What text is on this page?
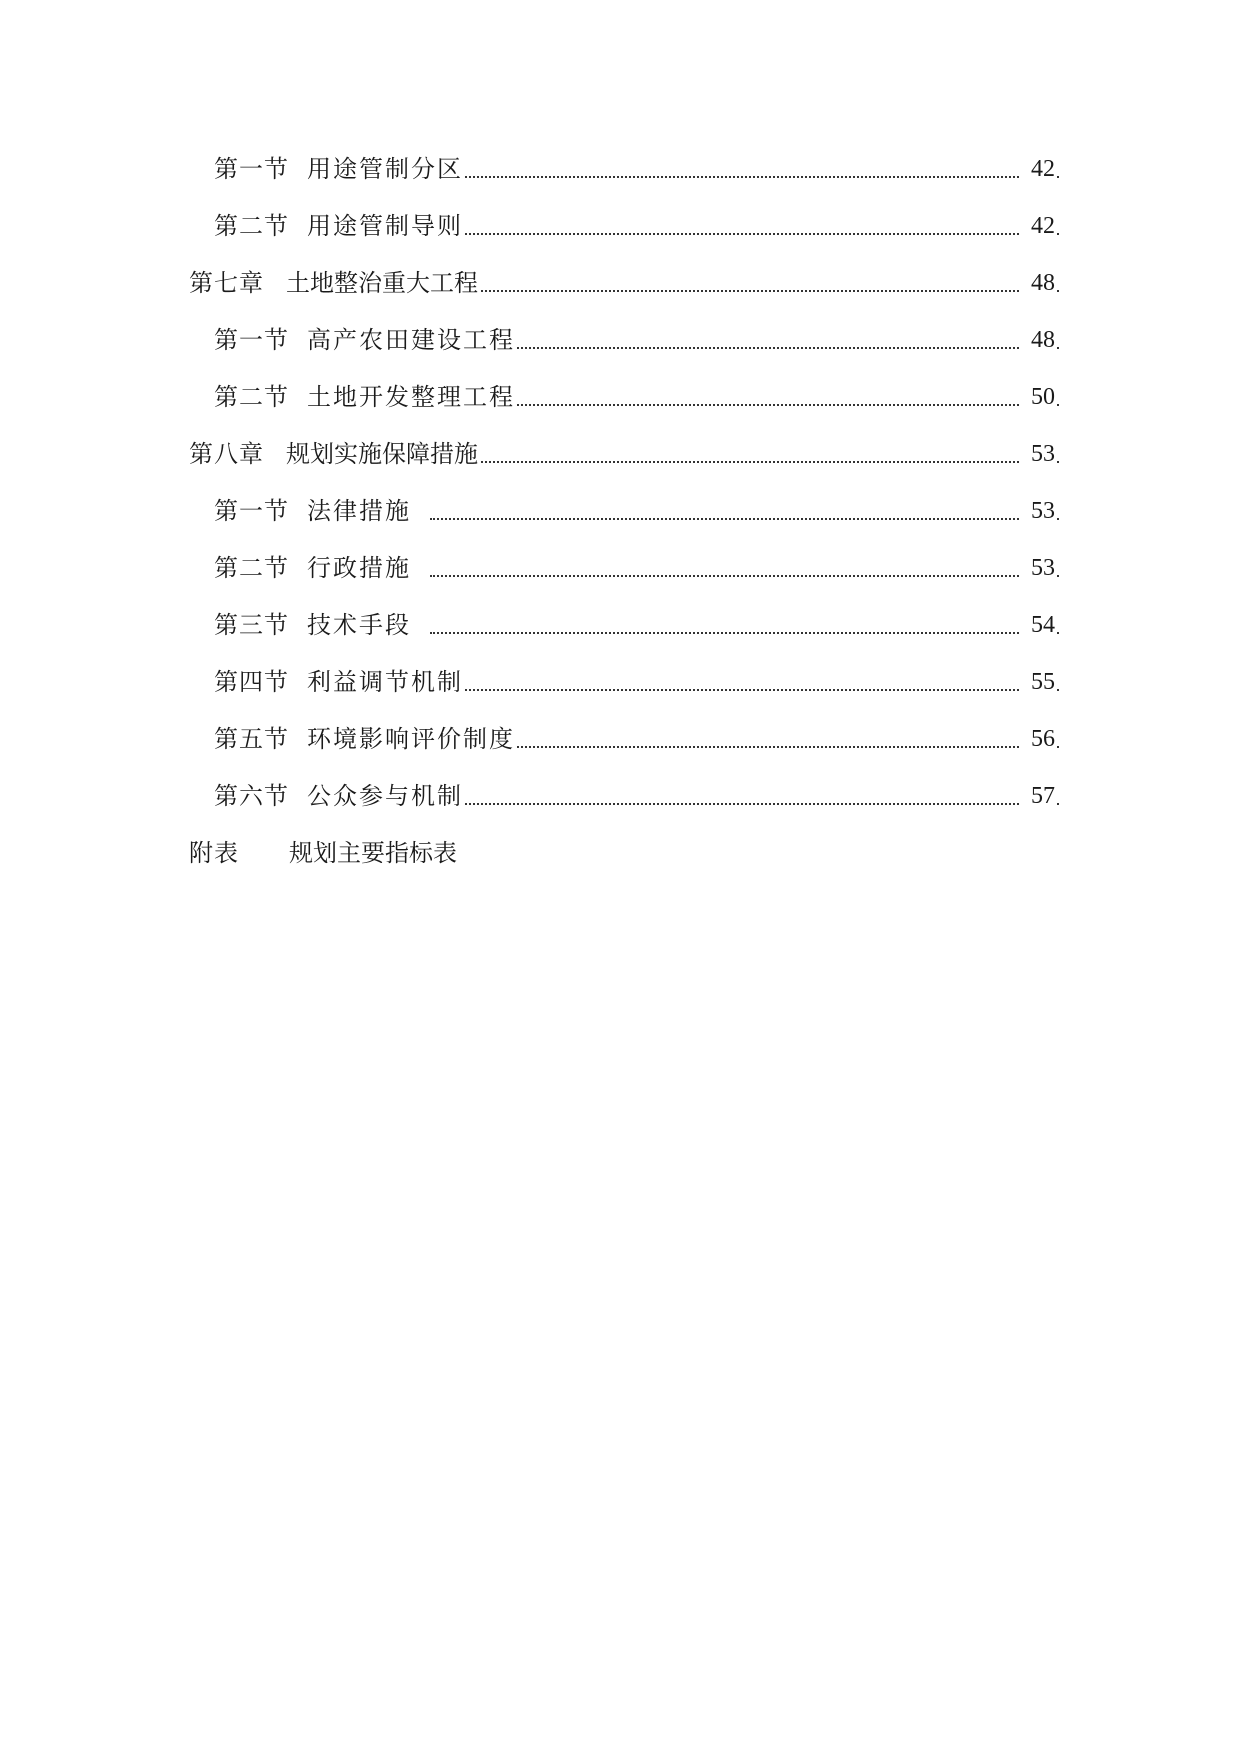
第一节 用途管制分区	42
第二节 用途管制导则	42
第七章 土地整治重大工程	48
第一节 高产农田建设工程	48
第二节 土地开发整理工程	50
第八章 规划实施保障措施	53
第一节 法律措施	53
第二节 行政措施	53
第三节 技术手段	54
第四节 利益调节机制	55
第五节 环境影响评价制度	56
第六节 公众参与机制	57
附表 规划主要指标表
